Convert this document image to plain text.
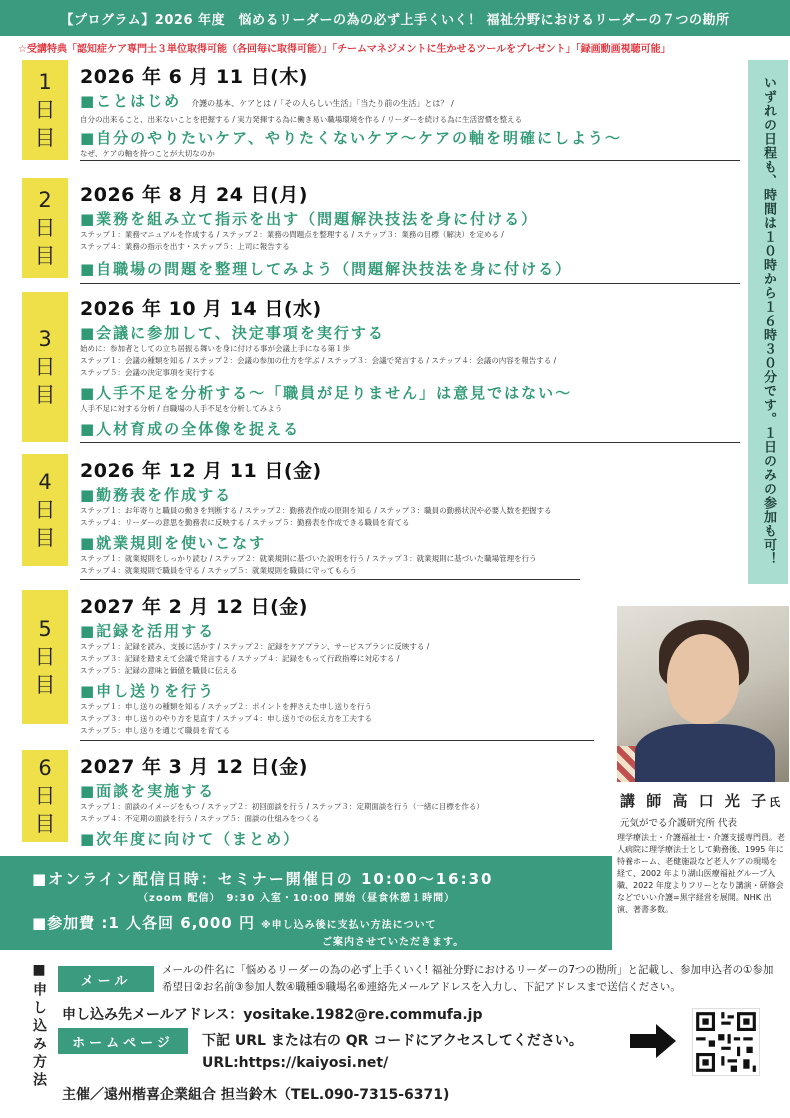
【プログラム】2026 年度　悩めるリーダーの為の必ず上手くいく！ 福祉分野におけるリーダーの７つの勘所
☆受講特典「認知症ケア専門士３単位取得可能（各回毎に取得可能）」「チームマネジメントに生かせるツールをプレゼント」「録画動画視聴可能」
いずれの日程も、時間は１０時から１６時３０分です。１日のみの参加も可！
1
日
目
2026 年 6 月 11 日(木)
■ことはじめ 介護の基本、ケアとは /「その人らしい生活」「当たり前の生活」とは？ /
自分の出来ること、出来ないことを把握する / 実力発揮する為に働き易い職場環境を作る / リーダーを続ける為に生活習慣を整える
■自分のやりたいケア、やりたくないケア〜ケアの軸を明確にしよう〜
なぜ、ケアの軸を持つことが大切なのか
2
日
目
2026 年 8 月 24 日(月)
■業務を組み立て指示を出す（問題解決技法を身に付ける）
ステップ１：業務マニュアルを作成する / ステップ２：業務の問題点を整理する / ステップ３：業務の目標（解決）を定める /
ステップ４：業務の指示を出す・ステップ５：上司に報告する
■自職場の問題を整理してみよう（問題解決技法を身に付ける）
3
日
目
2026 年 10 月 14 日(水)
■会議に参加して、決定事項を実行する
始めに：参加者としての立ち居振る舞いを身に付ける事が会議上手になる第１歩
ステップ１：会議の種類を知る / ステップ２：会議の参加の仕方を学ぶ / ステップ３：会議で発言する / ステップ４：会議の内容を報告する /
ステップ５：会議の決定事項を実行する
■人手不足を分析する〜「職員が足りません」は意見ではない〜
人手不足に対する分析 / 自職場の人手不足を分析してみよう
■人材育成の全体像を捉える
4
日
目
2026 年 12 月 11 日(金)
■勤務表を作成する
ステップ１：お年寄りと職員の動きを判断する / ステップ２：勤務表作成の原則を知る / ステップ３：職員の勤務状況や必要人数を把握する
ステップ４：リーダーの意思を勤務表に反映する / ステップ５：勤務表を作成できる職員を育てる
■就業規則を使いこなす
ステップ１：就業規則をしっかり読む / ステップ２：就業規則に基づいた説明を行う / ステップ３：就業規則に基づいた職場管理を行う
ステップ４：就業規則で職員を守る / ステップ５：就業規則を職員に守ってもらう
5
日
目
2027 年 2 月 12 日(金)
■記録を活用する
ステップ１：記録を読み、支援に活かす / ステップ２：記録をケアプラン、サービスプランに反映する /
ステップ３：記録を踏まえて会議で発言する / ステップ４：記録をもって行政指導に対応する /
ステップ５：記録の意味と価値を職員に伝える
■申し送りを行う
ステップ１：申し送りの種類を知る / ステップ２：ポイントを押さえた申し送りを行う
ステップ３：申し送りのやり方を見直す / ステップ４：申し送りでの伝え方を工夫する
ステップ５：申し送りを通じて職員を育てる
6
日
目
2027 年 3 月 12 日(金)
■面談を実施する
ステップ１：面談のイメージをもつ / ステップ２：初回面談を行う / ステップ３：定期面談を行う（一緒に目標を作る）
ステップ４：不定期の面談を行う / ステップ５：面談の仕組みをつくる
■次年度に向けて（まとめ）
講 師 高 口 光 子氏
元気がでる介護研究所 代表
理学療法士・介護福祉士・介護支援専門員。老人病院に理学療法士として勤務後、1995 年に特養ホーム、老健施設など老人ケアの現場を経て、2002 年より湖山医療福祉グループ入職、2022 年度よりフリーとなり講演・研修会などでいい介護=黒字経営を展開。NHK 出演、著書多数。
■オンライン配信日時：セミナー開催日の 10:00〜16:30
（zoom 配信）　9:30 入室・10:00 開始（昼食休憩１時間）
■参加費 :1 人各回 6,000 円 ※申し込み後に支払い方法について
ご案内させていただきます。
■申し込み方法	メール
メールの件名に「悩めるリーダーの為の必ず上手くいく! 福祉分野におけるリーダーの7つの勘所」と記載し、参加申込者の①参加希望日②お名前③参加人数④職種⑤職場名⑥連絡先メールアドレスを入力し、下記アドレスまで送信ください。
申し込み先メールアドレス：yositake.1982@re.commufa.jp
ホームページ	下記 URL または右の QR コードにアクセスしてください。
URL:https://kaiyosi.net/
主催／遠州楷喜企業組合 担当鈴木（TEL.090-7315-6371)
